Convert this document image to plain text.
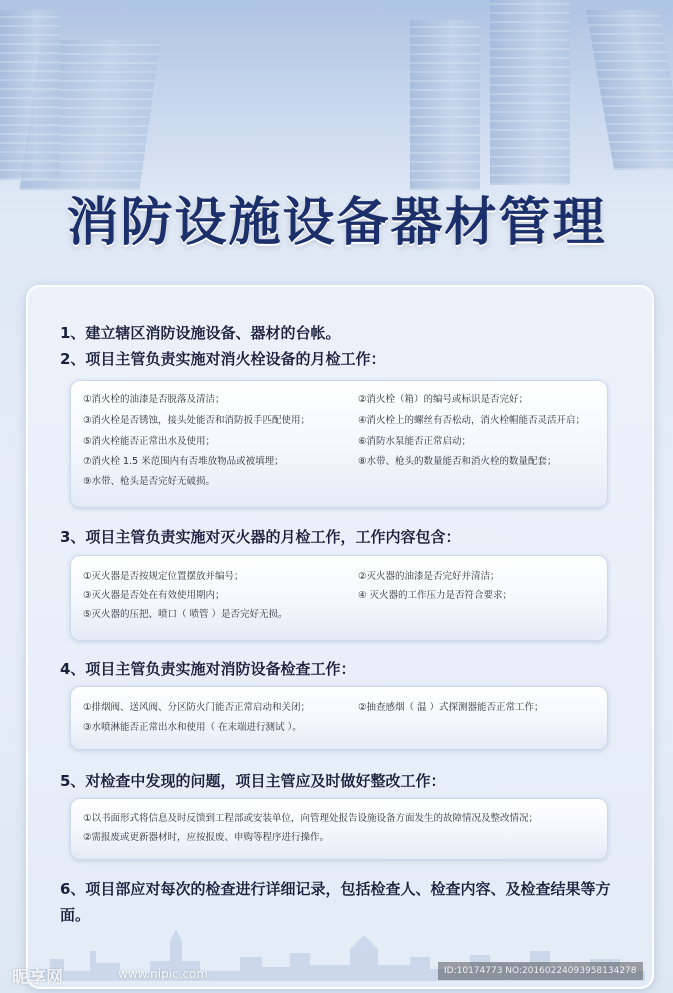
消防设施设备器材管理
1、建立辖区消防设施设备、器材的台帐。
2、项目主管负责实施对消火栓设备的月检工作：
①消火栓的油漆是否脱落及清洁；	②消火栓（箱）的编号或标识是否完好；
③消火栓是否锈蚀，接头处能否和消防扳手匹配使用；	④消火栓上的螺丝有否松动，消火栓帽能否灵活开启；
⑤消火栓能否正常出水及使用；	⑥消防水泵能否正常启动；
⑦消火栓 1.5 米范围内有否堆放物品或被填埋；	⑧水带、枪头的数量能否和消火栓的数量配套；
⑨水带、枪头是否完好无破损。
3、项目主管负责实施对灭火器的月检工作，工作内容包含：
①灭火器是否按规定位置摆放并编号；	②灭火器的油漆是否完好并清洁；
③灭火器是否处在有效使用期内；	④ 灭火器的工作压力是否符合要求；
⑤灭火器的压把、喷口（ 喷管 ）是否完好无损。
4、项目主管负责实施对消防设备检查工作：
①排烟阀、送风阀、分区防火门能否正常启动和关闭；	②抽查感烟（ 温 ）式探测器能否正常工作；
③水喷淋能否正常出水和使用（ 在末端进行测试 ）。
5、对检查中发现的问题，项目主管应及时做好整改工作：
①以书面形式将信息及时反馈到工程部或安装单位，向管理处报告设施设备方面发生的故障情况及整改情况；
②需报废或更新器材时，应按报废、申购等程序进行操作。
6、项目部应对每次的检查进行详细记录，包括检查人、检查内容、及检查结果等方面。
昵享网	www.nipic.com	ID:10174773 NO:20160224093958134278
